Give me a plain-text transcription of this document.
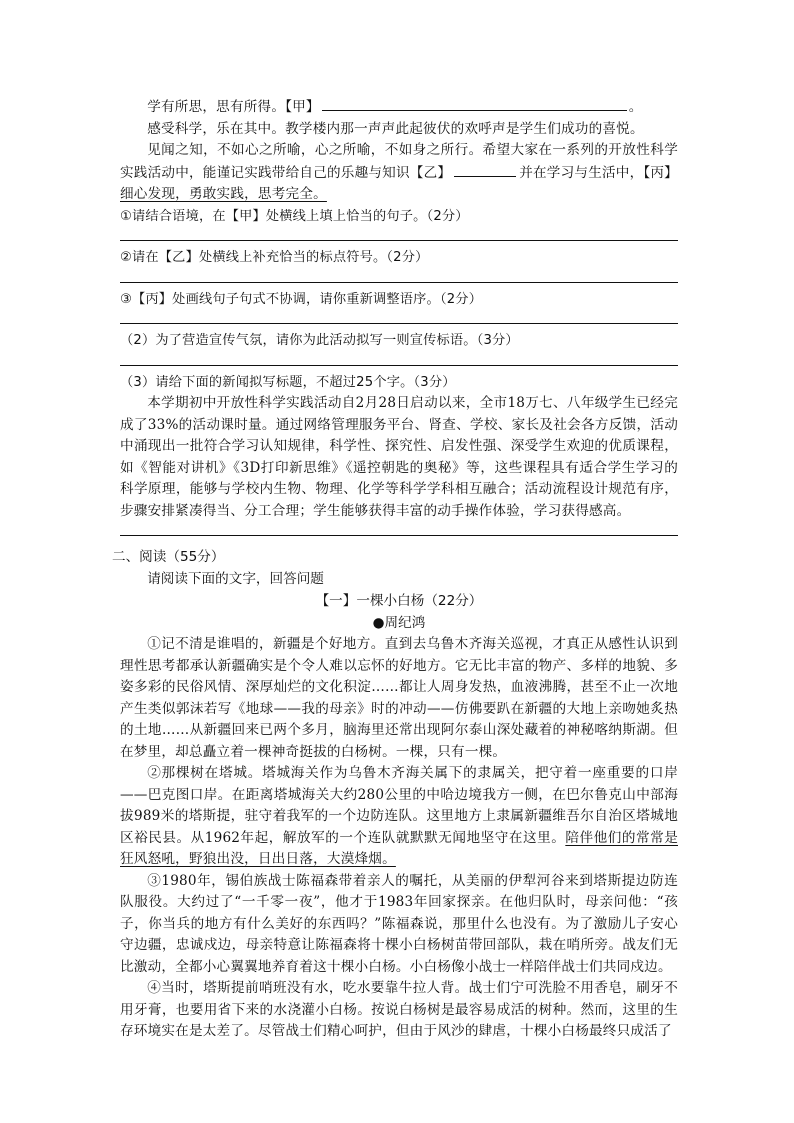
学有所思，思有所得。【甲】	。

感受科学，乐在其中。教学楼内那一声声此起彼伏的欢呼声是学生们成功的喜悦。

见闻之知，不如心之所喻，心之所喻，不如身之所行。希望大家在一系列的开放性科学实践活动中，能谨记实践带给自己的乐趣与知识【乙】	并在学习与生活中，【丙】细心发现，勇敢实践，思考完全。

①请结合语境，在【甲】处横线上填上恰当的句子。（2分）

②请在【乙】处横线上补充恰当的标点符号。（2分）

③【丙】处画线句子句式不协调，请你重新调整语序。（2分）

（2）为了营造宣传气氛，请你为此活动拟写一则宣传标语。（3分）

（3）请给下面的新闻拟写标题，不超过25个字。（3分）

本学期初中开放性科学实践活动自2月28日启动以来，全市18万七、八年级学生已经完成了33%的活动课时量。通过网络管理服务平台、肾查、学校、家长及社会各方反馈，活动中涌现出一批符合学习认知规律，科学性、探究性、启发性强、深受学生欢迎的优质课程，如《智能对讲机》《3D打印新思维》《遥控朝匙的奥秘》等，这些课程具有适合学生学习的科学原理，能够与学校内生物、物理、化学等科学学科相互融合；活动流程设计规范有序，步骤安排紧凑得当、分工合理；学生能够获得丰富的动手操作体验，学习获得感高。

二、阅读（55分）

请阅读下面的文字，回答问题

【一】一棵小白杨（22分）

●周纪鸿

①记不清是谁唱的，新疆是个好地方。直到去乌鲁木齐海关巡视，才真正从感性认识到理性思考都承认新疆确实是个令人难以忘怀的好地方。它无比丰富的物产、多样的地貌、多姿多彩的民俗风情、深厚灿烂的文化积淀……都让人周身发热，血液沸腾，甚至不止一次地产生类似郭沫若写《地球——我的母亲》时的冲动——仿佛要趴在新疆的大地上亲吻她炙热的土地……从新疆回来已两个多月，脑海里还常出现阿尔泰山深处藏着的神秘喀纳斯湖。但在梦里，却总矗立着一棵神奇挺拔的白杨树。一棵，只有一棵。

②那棵树在塔城。塔城海关作为乌鲁木齐海关属下的隶属关，把守着一座重要的口岸——巴克图口岸。在距离塔城海关大约280公里的中哈边境我方一侧，在巴尔鲁克山中部海拔989米的塔斯提，驻守着我军的一个边防连队。这里地方上隶属新疆维吾尔自治区塔城地区裕民县。从1962年起，解放军的一个连队就默默无闻地坚守在这里。陪伴他们的常常是狂风怒吼，野狼出没，日出日落，大漠烽烟。

③1980年，锡伯族战士陈福森带着亲人的嘱托，从美丽的伊犁河谷来到塔斯提边防连队服役。大约过了“一千零一夜”，他才于1983年回家探亲。在他归队时，母亲问他：“孩子，你当兵的地方有什么美好的东西吗？”陈福森说，那里什么也没有。为了激励儿子安心守边疆，忠诚戍边，母亲特意让陈福森将十棵小白杨树苗带回部队，栽在哨所旁。战友们无比激动，全都小心翼翼地养育着这十棵小白杨。小白杨像小战士一样陪伴战士们共同戍边。

④当时，塔斯提前哨班没有水，吃水要靠牛拉人背。战士们宁可洗脸不用香皂，刷牙不用牙膏，也要用省下来的水浇灌小白杨。按说白杨树是最容易成活的树种。然而，这里的生存环境实在是太差了。尽管战士们精心呵护，但由于风沙的肆虐，十棵小白杨最终只成活了
